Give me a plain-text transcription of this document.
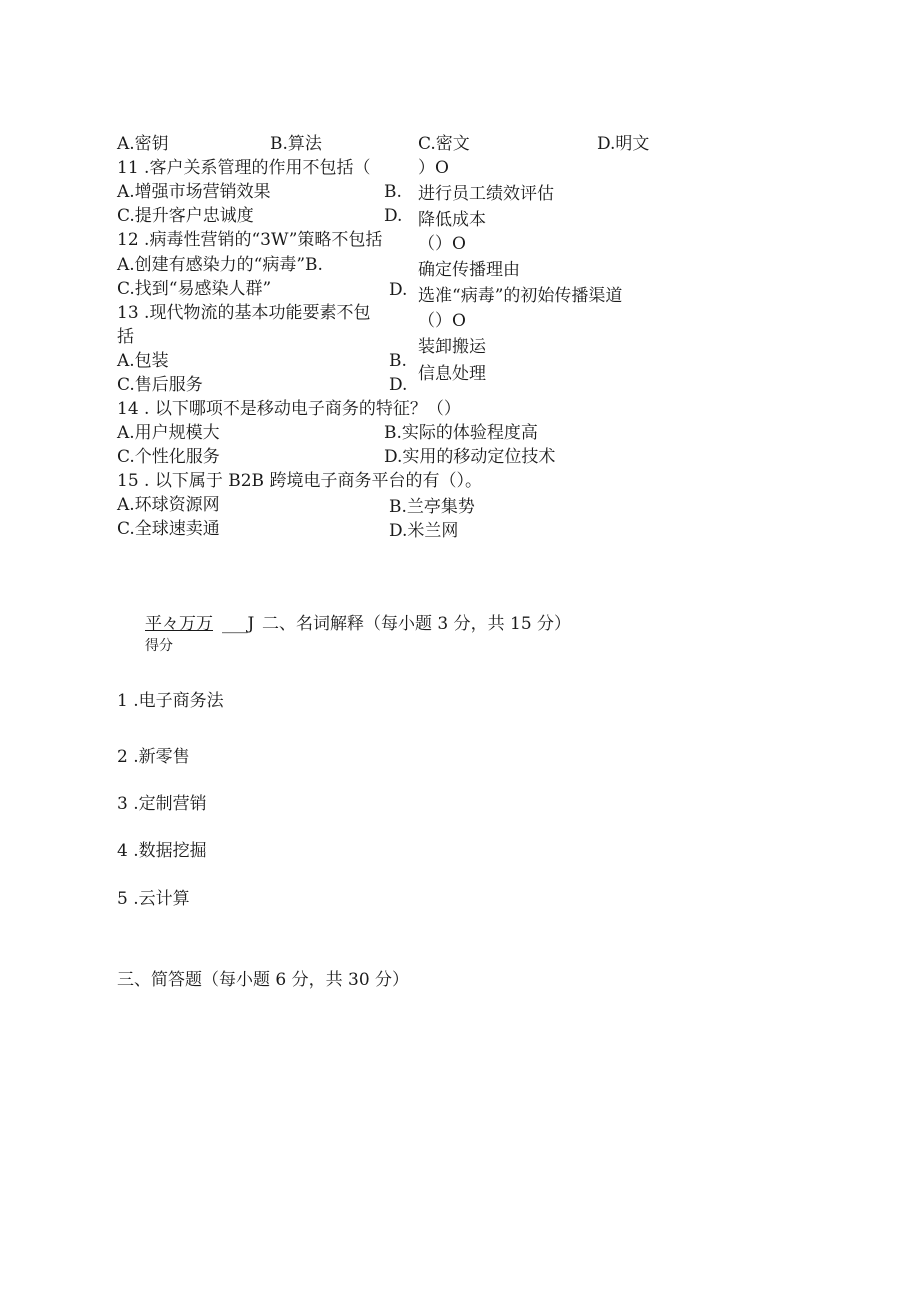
A.密钥	B.算法	C.密文	D.明文
11 .客户关系管理的作用不包括（	）O
A.增强市场营销效果	B. 进行员工绩效评估
C.提升客户忠诚度	D. 降低成本
12 .病毒性营销的“3W”策略不包括 （）O
A.创建有感染力的“病毒”B.	确定传播理由
C.找到“易感染人群”	D. 选准“病毒”的初始传播渠道
13 .现代物流的基本功能要素不包	（）O
括
A.包装	B.
装卸搬运
C.售后服务	D.
信息处理
14 . 以下哪项不是移动电子商务的特征？（）
A.用户规模大	B.实际的体验程度高
C.个性化服务	D.实用的移动定位技术
15 . 以下属于 B2B 跨境电子商务平台的有（）。
A.环球资源网	B.兰亭集势
C.全球速卖通	D.米兰网
平々万万 ___J 二、名词解释（每小题 3 分，共 15 分）
得分
1 .电子商务法
2 .新零售
3 .定制营销
4 .数据挖掘
5 .云计算
三、简答题（每小题 6 分，共 30 分）
